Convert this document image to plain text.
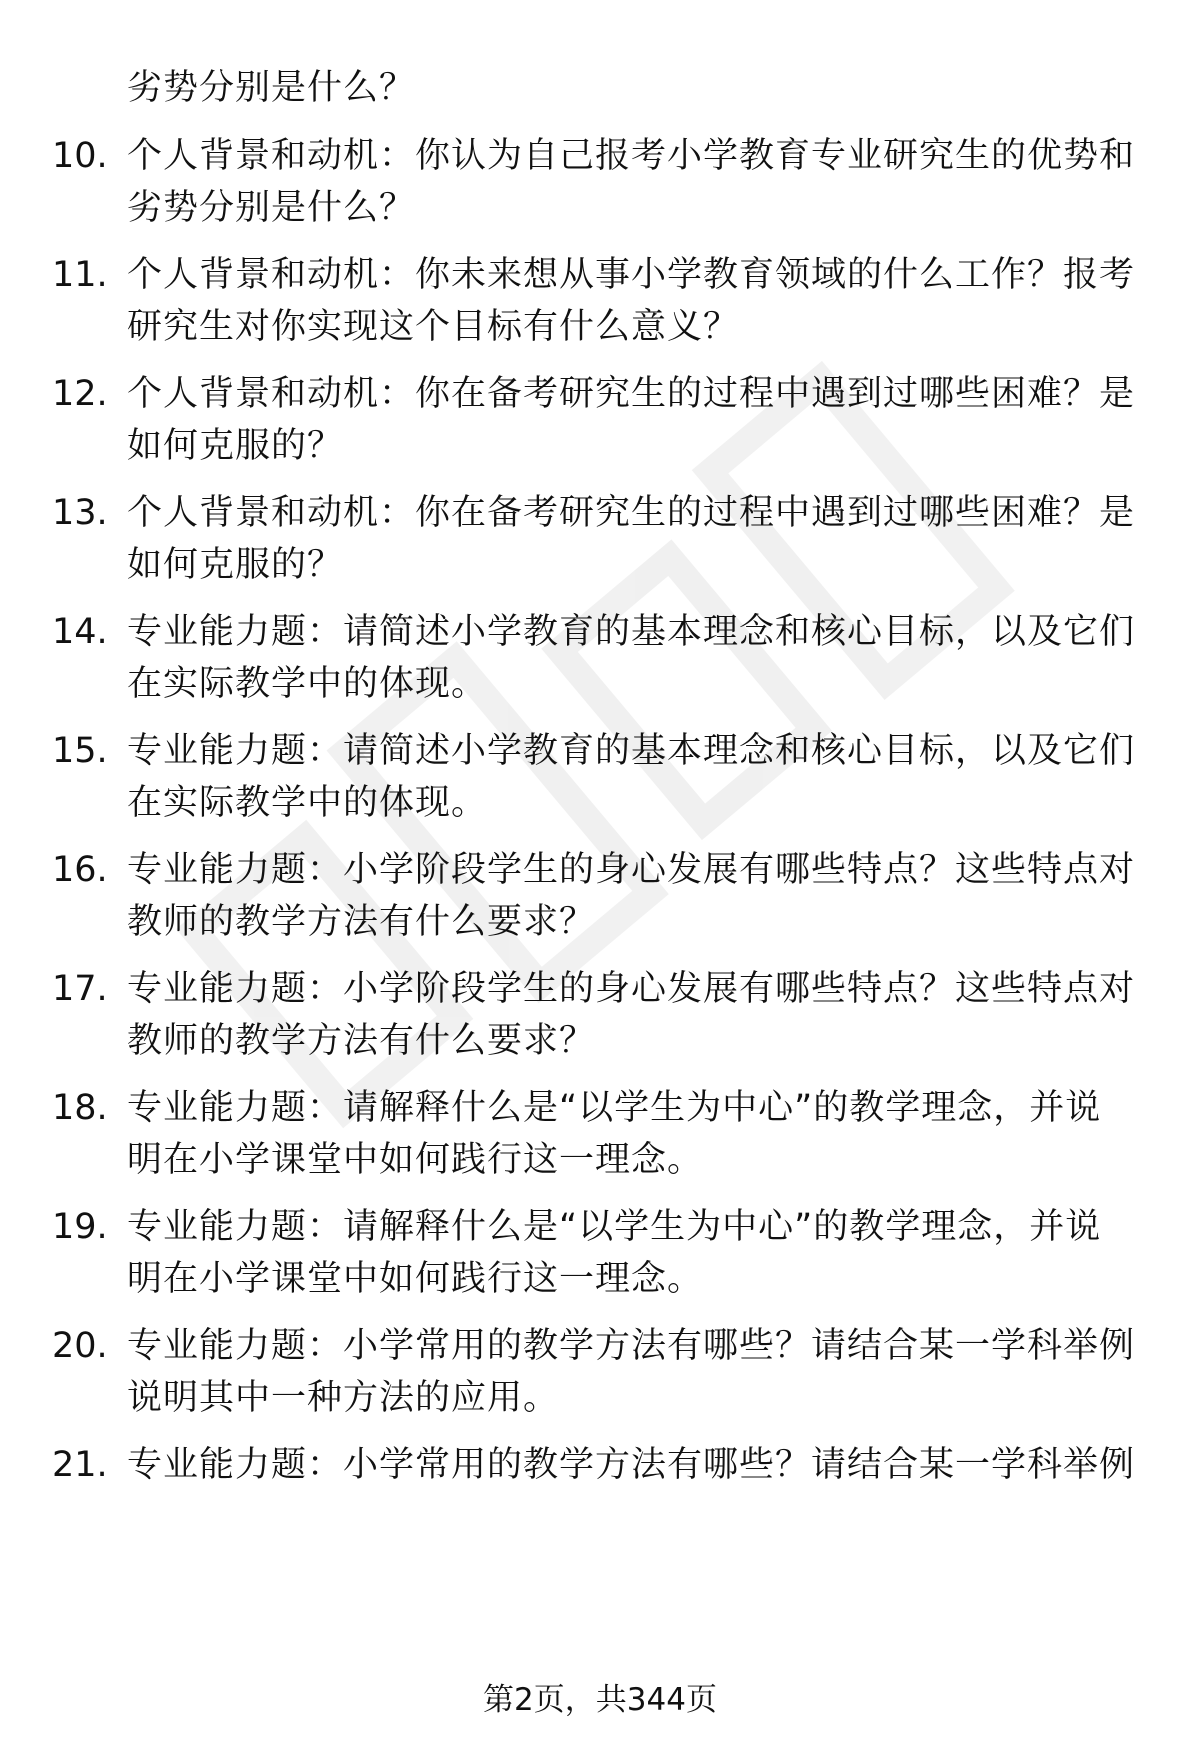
劣势分别是什么？
10. 个人背景和动机：你认为自己报考小学教育专业研究生的优势和
劣势分别是什么？
11. 个人背景和动机：你未来想从事小学教育领域的什么工作？报考
研究生对你实现这个目标有什么意义？
12. 个人背景和动机：你在备考研究生的过程中遇到过哪些困难？是
如何克服的？
13. 个人背景和动机：你在备考研究生的过程中遇到过哪些困难？是
如何克服的？
14. 专业能力题：请简述小学教育的基本理念和核心目标，以及它们
在实际教学中的体现。
15. 专业能力题：请简述小学教育的基本理念和核心目标，以及它们
在实际教学中的体现。
16. 专业能力题：小学阶段学生的身心发展有哪些特点？这些特点对
教师的教学方法有什么要求？
17. 专业能力题：小学阶段学生的身心发展有哪些特点？这些特点对
教师的教学方法有什么要求？
18. 专业能力题：请解释什么是“以学生为中心”的教学理念，并说
明在小学课堂中如何践行这一理念。
19. 专业能力题：请解释什么是“以学生为中心”的教学理念，并说
明在小学课堂中如何践行这一理念。
20. 专业能力题：小学常用的教学方法有哪些？请结合某一学科举例
说明其中一种方法的应用。
21. 专业能力题：小学常用的教学方法有哪些？请结合某一学科举例
第2页，共344页
